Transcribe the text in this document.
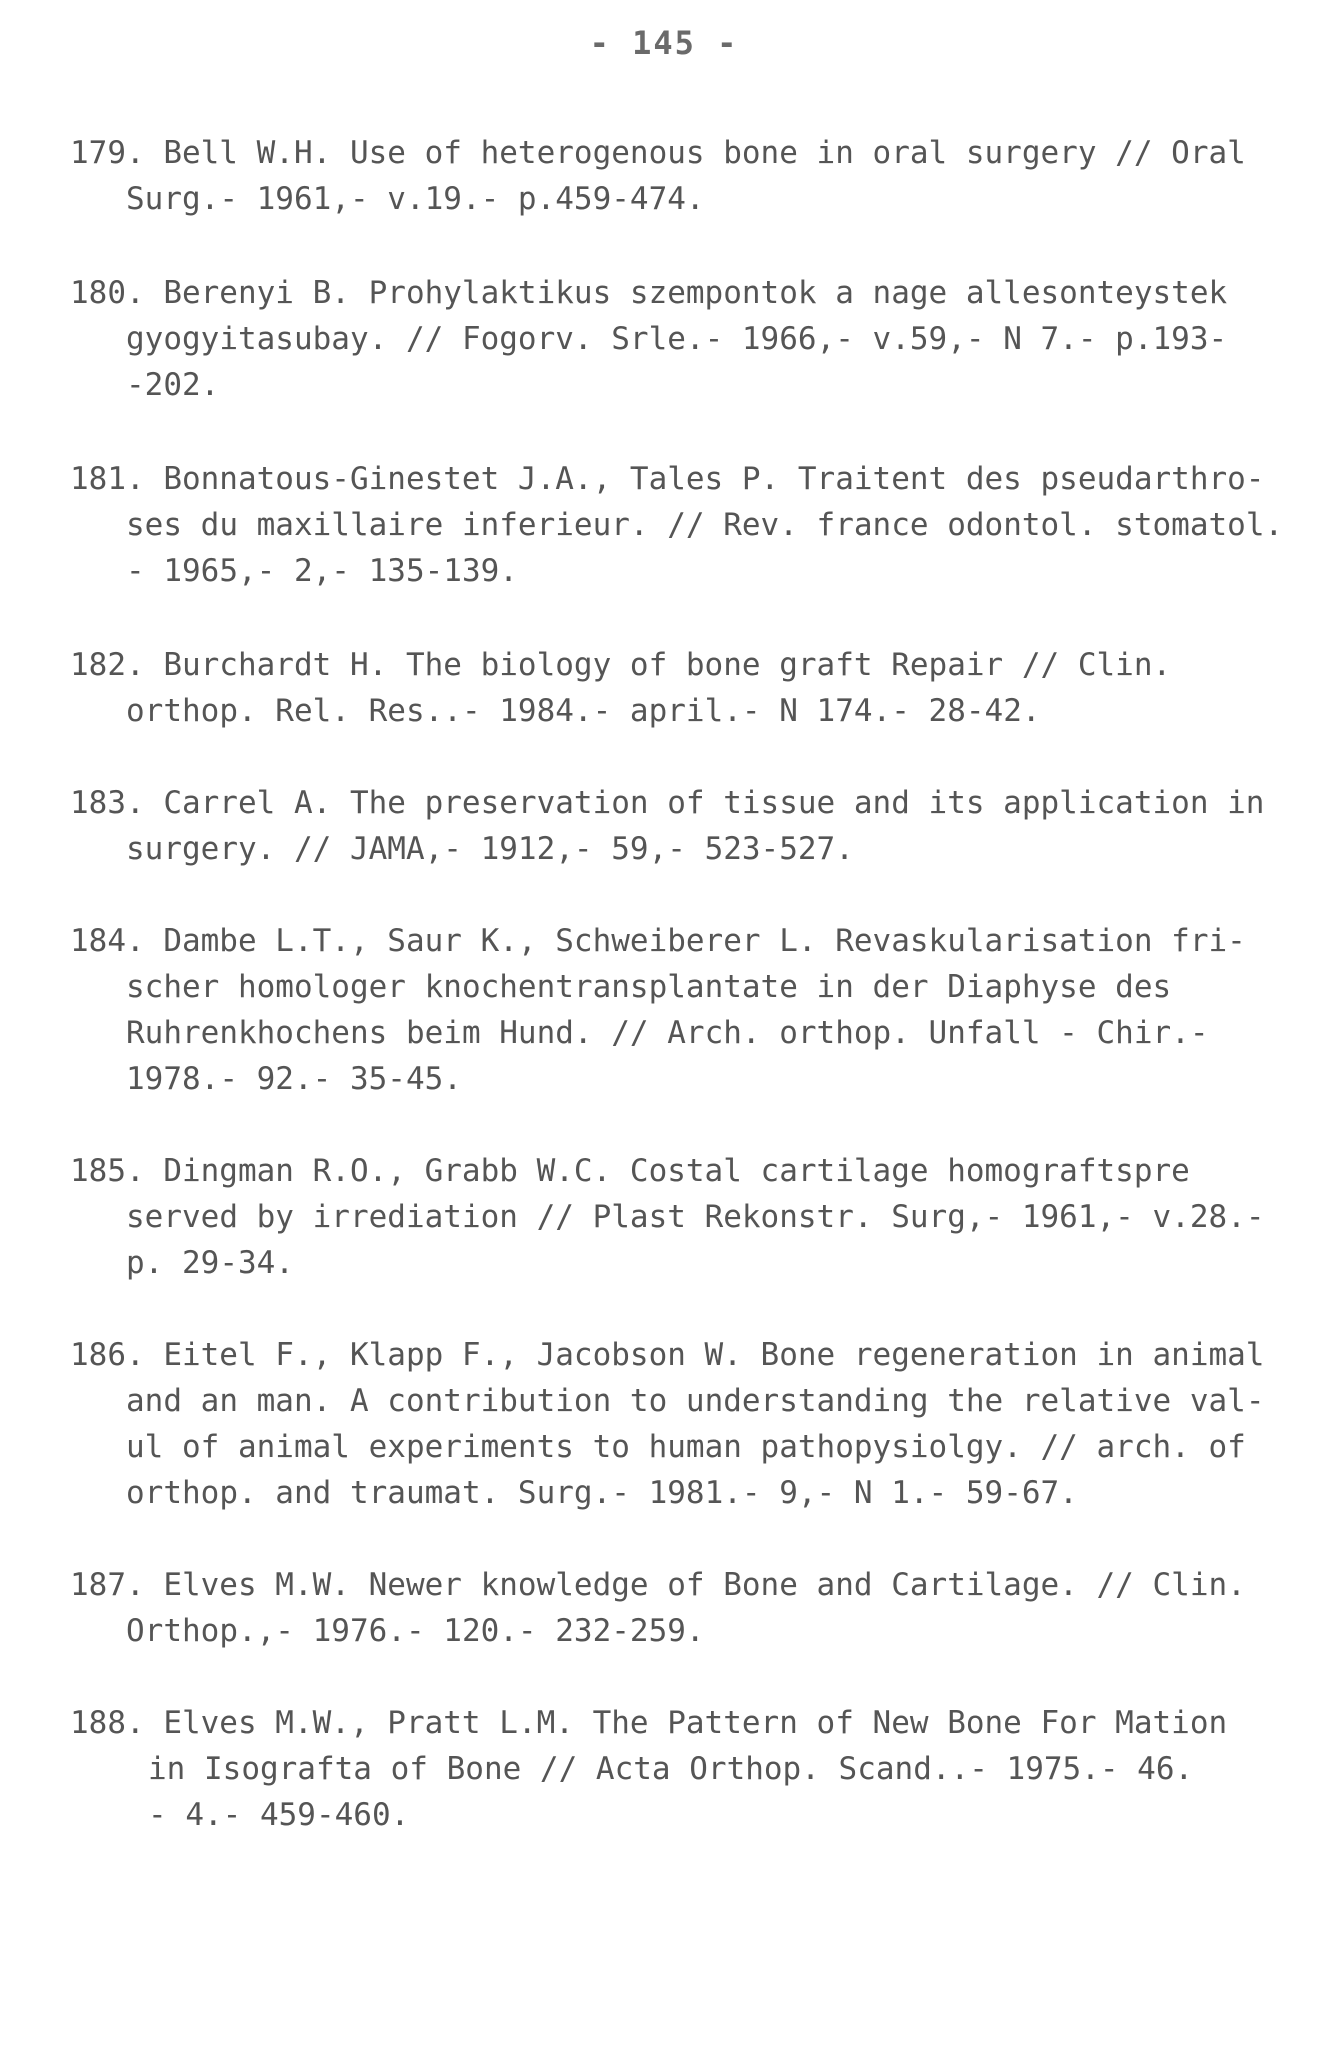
- 145 -
179. Bell W.H. Use of heterogenous bone in oral surgery // Oral
Surg.- 1961,- v.19.- p.459-474.
180. Berenyi B. Prohylaktikus szempontok a nage allesonteystek
gyogyitasubay. // Fogorv. Srle.- 1966,- v.59,- N 7.- p.193-
-202.
181. Bonnatous-Ginestet J.A., Tales P. Traitent des pseudarthro-
ses du maxillaire inferieur. // Rev. france odontol. stomatol.
- 1965,- 2,- 135-139.
182. Burchardt H. The biology of bone graft Repair // Clin.
orthop. Rel. Res..- 1984.- april.- N 174.- 28-42.
183. Carrel A. The preservation of tissue and its application in
surgery. // JAMA,- 1912,- 59,- 523-527.
184. Dambe L.T., Saur K., Schweiberer L. Revaskularisation fri-
scher homologer knochentransplantate in der Diaphyse des
Ruhrenkhochens beim Hund. // Arch. orthop. Unfall - Chir.-
1978.- 92.- 35-45.
185. Dingman R.O., Grabb W.C. Costal cartilage homograftspre
served by irrediation // Plast Rekonstr. Surg,- 1961,- v.28.-
p. 29-34.
186. Eitel F., Klapp F., Jacobson W. Bone regeneration in animal
and an man. A contribution to understanding the relative val-
ul of animal experiments to human pathopysiolgy. // arch. of
orthop. and traumat. Surg.- 1981.- 9,- N 1.- 59-67.
187. Elves M.W. Newer knowledge of Bone and Cartilage. // Clin.
Orthop.,- 1976.- 120.- 232-259.
188. Elves M.W., Pratt L.M. The Pattern of New Bone For Mation
in Isografta of Bone // Acta Orthop. Scand..- 1975.- 46.
- 4.- 459-460.
